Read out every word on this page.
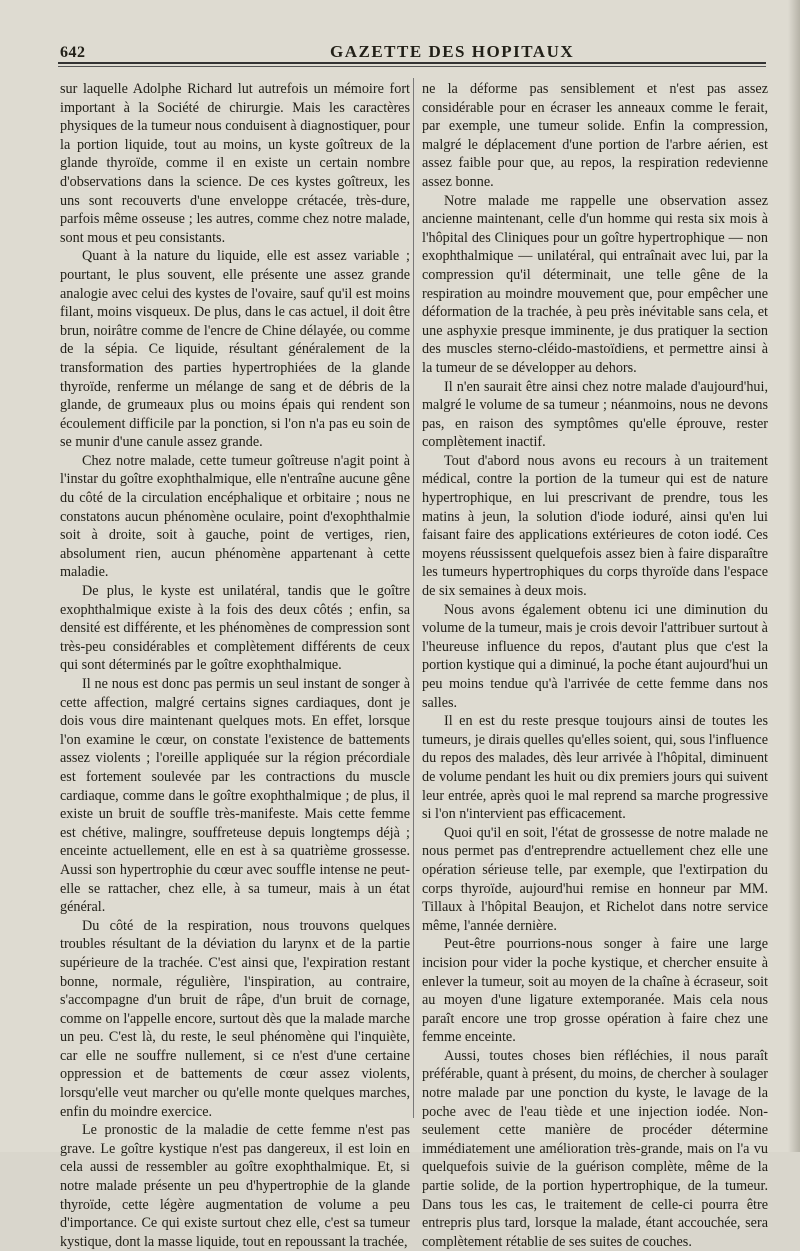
642	GAZETTE DES HOPITAUX

sur laquelle Adolphe Richard lut autrefois un mémoire fort important à la Société de chirurgie. Mais les caractères physiques de la tumeur nous conduisent à diagnostiquer, pour la portion liquide, tout au moins, un kyste goîtreux de la glande thyroïde, comme il en existe un certain nombre d'observations dans la science. De ces kystes goîtreux, les uns sont recouverts d'une enveloppe crétacée, très-dure, parfois même osseuse ; les autres, comme chez notre malade, sont mous et peu consistants.

Quant à la nature du liquide, elle est assez variable ; pourtant, le plus souvent, elle présente une assez grande analogie avec celui des kystes de l'ovaire, sauf qu'il est moins filant, moins visqueux. De plus, dans le cas actuel, il doit être brun, noirâtre comme de l'encre de Chine délayée, ou comme de la sépia. Ce liquide, résultant généralement de la transformation des parties hypertrophiées de la glande thyroïde, renferme un mélange de sang et de débris de la glande, de grumeaux plus ou moins épais qui rendent son écoulement difficile par la ponction, si l'on n'a pas eu soin de se munir d'une canule assez grande.

Chez notre malade, cette tumeur goîtreuse n'agit point à l'instar du goître exophthalmique, elle n'entraîne aucune gêne du côté de la circulation encéphalique et orbitaire ; nous ne constatons aucun phénomène oculaire, point d'exophthalmie soit à droite, soit à gauche, point de vertiges, rien, absolument rien, aucun phénomène appartenant à cette maladie.

De plus, le kyste est unilatéral, tandis que le goître exophthalmique existe à la fois des deux côtés ; enfin, sa densité est différente, et les phénomènes de compression sont très-peu considérables et complètement différents de ceux qui sont déterminés par le goître exophthalmique.

Il ne nous est donc pas permis un seul instant de songer à cette affection, malgré certains signes cardiaques, dont je dois vous dire maintenant quelques mots. En effet, lorsque l'on examine le cœur, on constate l'existence de battements assez violents ; l'oreille appliquée sur la région précordiale est fortement soulevée par les contractions du muscle cardiaque, comme dans le goître exophthalmique ; de plus, il existe un bruit de souffle très-manifeste. Mais cette femme est chétive, malingre, souffreteuse depuis longtemps déjà ; enceinte actuellement, elle en est à sa quatrième grossesse. Aussi son hypertrophie du cœur avec souffle intense ne peut-elle se rattacher, chez elle, à sa tumeur, mais à un état général.

Du côté de la respiration, nous trouvons quelques troubles résultant de la déviation du larynx et de la partie supérieure de la trachée. C'est ainsi que, l'expiration restant bonne, normale, régulière, l'inspiration, au contraire, s'accompagne d'un bruit de râpe, d'un bruit de cornage, comme on l'appelle encore, surtout dès que la malade marche un peu. C'est là, du reste, le seul phénomène qui l'inquiète, car elle ne souffre nullement, si ce n'est d'une certaine oppression et de battements de cœur assez violents, lorsqu'elle veut marcher ou qu'elle monte quelques marches, enfin du moindre exercice.

Le pronostic de la maladie de cette femme n'est pas grave. Le goître kystique n'est pas dangereux, il est loin en cela aussi de ressembler au goître exophthalmique. Et, si notre malade présente un peu d'hypertrophie de la glande thyroïde, cette légère augmentation de volume a peu d'importance. Ce qui existe surtout chez elle, c'est sa tumeur kystique, dont la masse liquide, tout en repoussant la trachée,

ne la déforme pas sensiblement et n'est pas assez considérable pour en écraser les anneaux comme le ferait, par exemple, une tumeur solide. Enfin la compression, malgré le déplacement d'une portion de l'arbre aérien, est assez faible pour que, au repos, la respiration redevienne assez bonne.

Notre malade me rappelle une observation assez ancienne maintenant, celle d'un homme qui resta six mois à l'hôpital des Cliniques pour un goître hypertrophique — non exophthalmique — unilatéral, qui entraînait avec lui, par la compression qu'il déterminait, une telle gêne de la respiration au moindre mouvement que, pour empêcher une déformation de la trachée, à peu près inévitable sans cela, et une asphyxie presque imminente, je dus pratiquer la section des muscles sterno-cléido-mastoïdiens, et permettre ainsi à la tumeur de se développer au dehors.

Il n'en saurait être ainsi chez notre malade d'aujourd'hui, malgré le volume de sa tumeur ; néanmoins, nous ne devons pas, en raison des symptômes qu'elle éprouve, rester complètement inactif.

Tout d'abord nous avons eu recours à un traitement médical, contre la portion de la tumeur qui est de nature hypertrophique, en lui prescrivant de prendre, tous les matins à jeun, la solution d'iode ioduré, ainsi qu'en lui faisant faire des applications extérieures de coton iodé. Ces moyens réussissent quelquefois assez bien à faire disparaître les tumeurs hypertrophiques du corps thyroïde dans l'espace de six semaines à deux mois.

Nous avons également obtenu ici une diminution du volume de la tumeur, mais je crois devoir l'attribuer surtout à l'heureuse influence du repos, d'autant plus que c'est la portion kystique qui a diminué, la poche étant aujourd'hui un peu moins tendue qu'à l'arrivée de cette femme dans nos salles.

Il en est du reste presque toujours ainsi de toutes les tumeurs, je dirais quelles qu'elles soient, qui, sous l'influence du repos des malades, dès leur arrivée à l'hôpital, diminuent de volume pendant les huit ou dix premiers jours qui suivent leur entrée, après quoi le mal reprend sa marche progressive si l'on n'intervient pas efficacement.

Quoi qu'il en soit, l'état de grossesse de notre malade ne nous permet pas d'entreprendre actuellement chez elle une opération sérieuse telle, par exemple, que l'extirpation du corps thyroïde, aujourd'hui remise en honneur par MM. Tillaux à l'hôpital Beaujon, et Richelot dans notre service même, l'année dernière.

Peut-être pourrions-nous songer à faire une large incision pour vider la poche kystique, et chercher ensuite à enlever la tumeur, soit au moyen de la chaîne à écraseur, soit au moyen d'une ligature extemporanée. Mais cela nous paraît encore une trop grosse opération à faire chez une femme enceinte.

Aussi, toutes choses bien réfléchies, il nous paraît préférable, quant à présent, du moins, de chercher à soulager notre malade par une ponction du kyste, le lavage de la poche avec de l'eau tiède et une injection iodée. Non-seulement cette manière de procéder détermine immédiatement une amélioration très-grande, mais on l'a vu quelquefois suivie de la guérison complète, même de la partie solide, de la portion hypertrophique, de la tumeur. Dans tous les cas, le traitement de celle-ci pourra être entrepris plus tard, lorsque la malade, étant accouchée, sera complètement rétablie de ses suites de couches.
